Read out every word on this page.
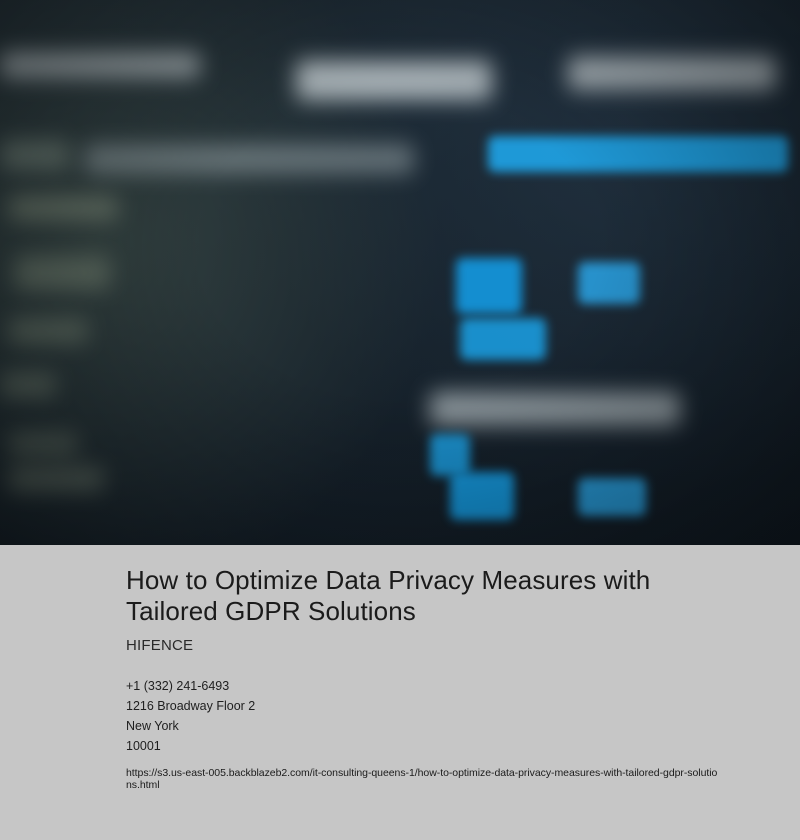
How to Optimize Data Privacy Measures with Tailored GDPR Solutions
HIFENCE

+1 (332) 241-6493

1216 Broadway Floor 2

New York

10001

https://s3.us-east-005.backblazeb2.com/it-consulting-queens-1/how-to-optimize-data-privacy-measures-with-tailored-gdpr-solutions.html
